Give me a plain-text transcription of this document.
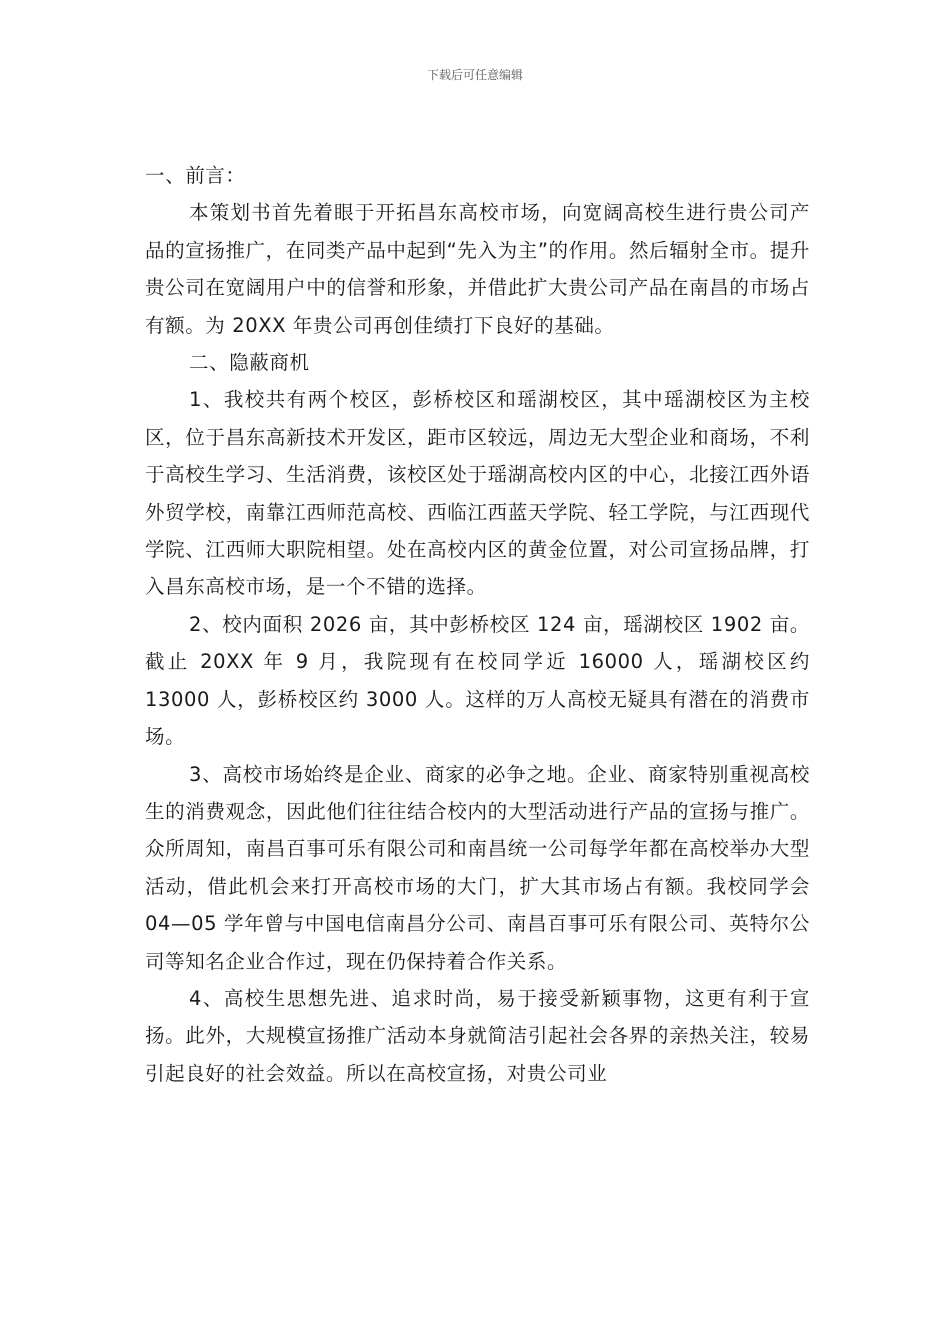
下载后可任意编辑

一、前言：

本策划书首先着眼于开拓昌东高校市场，向宽阔高校生进行贵公司产品的宣扬推广，在同类产品中起到“先入为主”的作用。然后辐射全市。提升贵公司在宽阔用户中的信誉和形象，并借此扩大贵公司产品在南昌的市场占有额。为 20XX 年贵公司再创佳绩打下良好的基础。

二、隐蔽商机

1、我校共有两个校区，彭桥校区和瑶湖校区，其中瑶湖校区为主校区，位于昌东高新技术开发区，距市区较远，周边无大型企业和商场，不利于高校生学习、生活消费，该校区处于瑶湖高校内区的中心，北接江西外语外贸学校，南靠江西师范高校、西临江西蓝天学院、轻工学院，与江西现代学院、江西师大职院相望。处在高校内区的黄金位置，对公司宣扬品牌，打入昌东高校市场，是一个不错的选择。

2、校内面积 2026 亩，其中彭桥校区 124 亩，瑶湖校区 1902 亩。截止 20XX 年 9 月，我院现有在校同学近 16000 人，瑶湖校区约 13000 人，彭桥校区约 3000 人。这样的万人高校无疑具有潜在的消费市场。

3、高校市场始终是企业、商家的必争之地。企业、商家特别重视高校生的消费观念，因此他们往往结合校内的大型活动进行产品的宣扬与推广。众所周知，南昌百事可乐有限公司和南昌统一公司每学年都在高校举办大型活动，借此机会来打开高校市场的大门，扩大其市场占有额。我校同学会 04—05 学年曾与中国电信南昌分公司、南昌百事可乐有限公司、英特尔公司等知名企业合作过，现在仍保持着合作关系。

4、高校生思想先进、追求时尚，易于接受新颖事物，这更有利于宣扬。此外，大规模宣扬推广活动本身就简洁引起社会各界的亲热关注，较易引起良好的社会效益。所以在高校宣扬，对贵公司业
